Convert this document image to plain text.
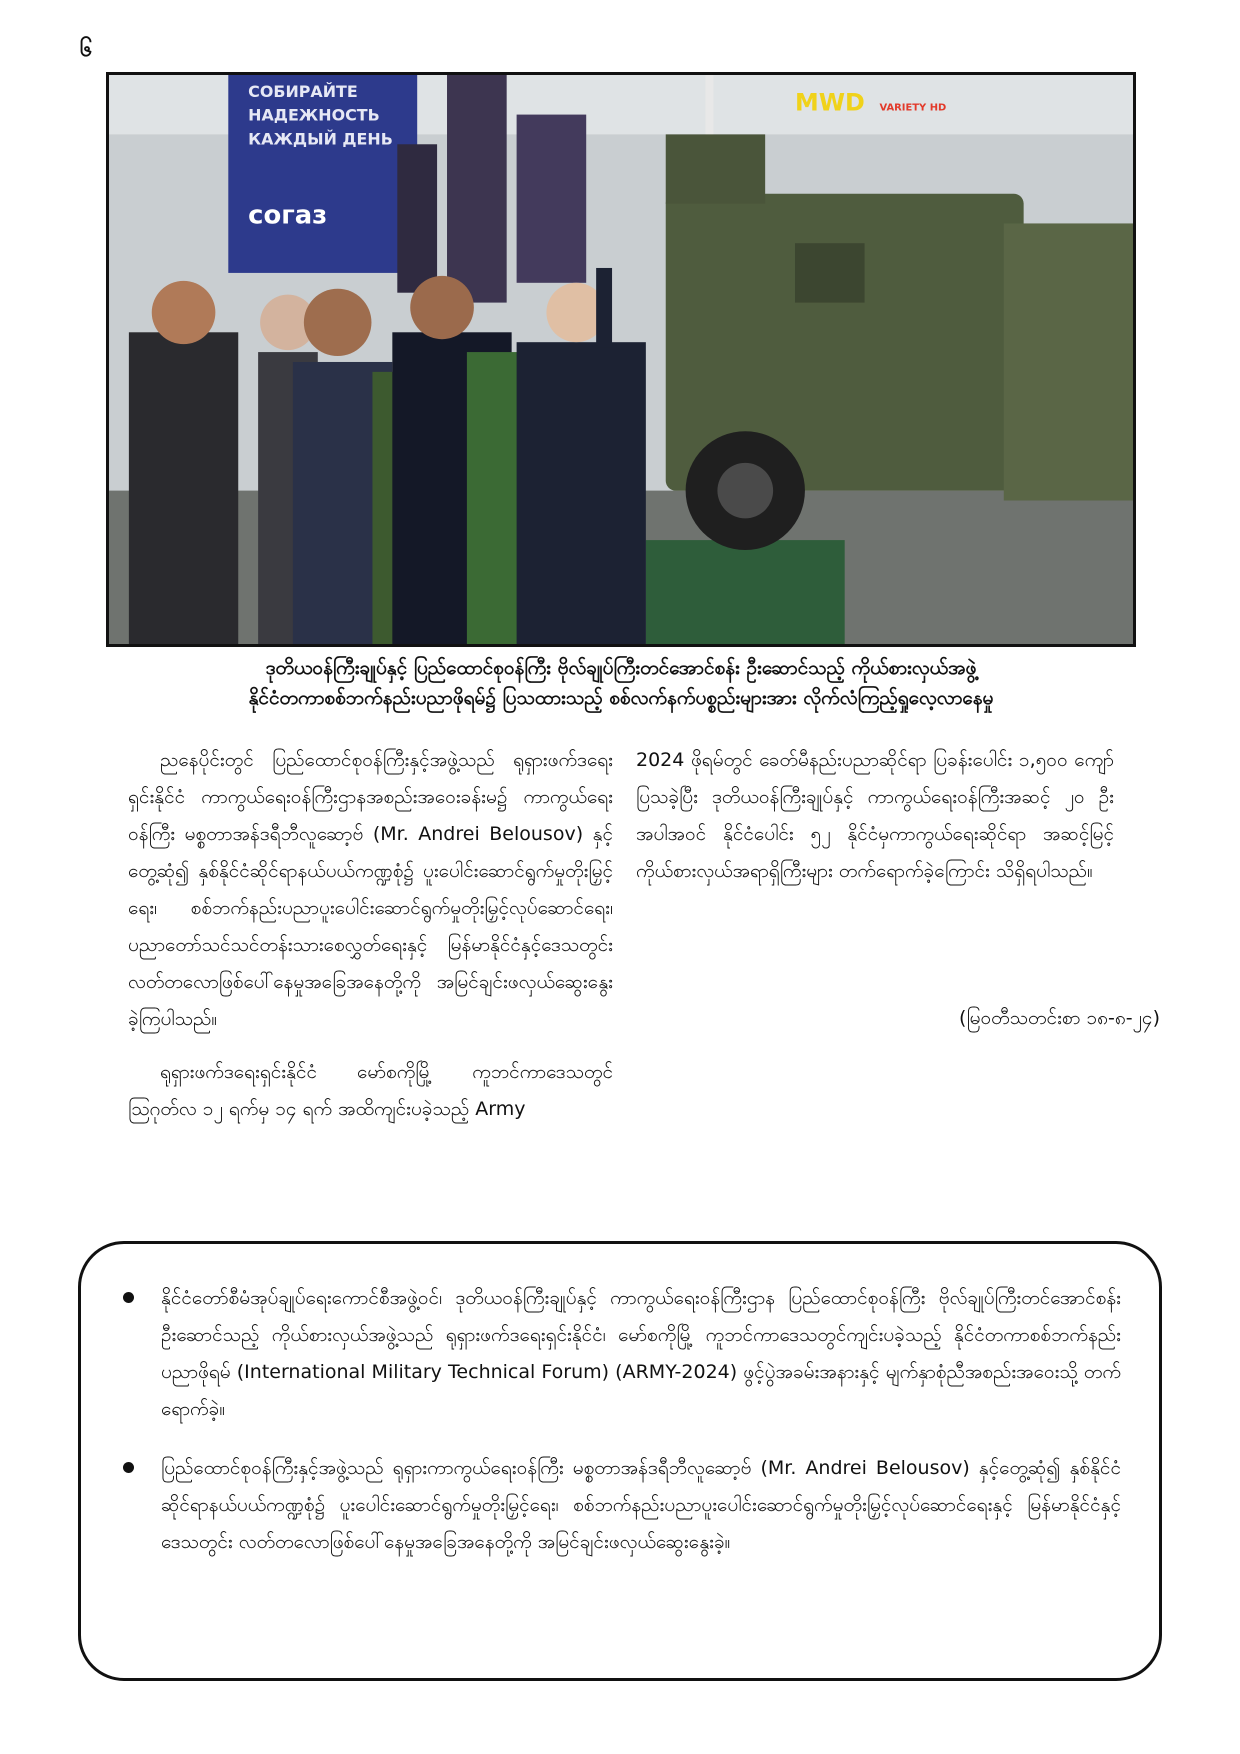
၆
СОБИРАЙТЕ
НАДЕЖНОСТЬ
КАЖДЫЙ ДЕНЬ
согаз
MWD VARIETY HD
ဒုတိယဝန်ကြီးချုပ်နှင့် ပြည်ထောင်စုဝန်ကြီး ဗိုလ်ချုပ်ကြီးတင်အောင်စန်း ဦးဆောင်သည့် ကိုယ်စားလှယ်အဖွဲ့
နိုင်ငံတကာစစ်ဘက်နည်းပညာဖိုရမ်၌ ပြသထားသည့် စစ်လက်နက်ပစ္စည်းများအား လိုက်လံကြည့်ရှုလေ့လာနေမှု

ညနေပိုင်းတွင် ပြည်ထောင်စုဝန်ကြီးနှင့်အဖွဲ့သည် ရုရှားဖက်ဒရေးရှင်းနိုင်ငံ ကာကွယ်ရေးဝန်ကြီးဌာနအစည်းအဝေးခန်းမ၌ ကာကွယ်ရေးဝန်ကြီး မစ္စတာအန်ဒရီဘီလူဆော့ဗ် (Mr. Andrei Belousov) နှင့်တွေ့ဆုံ၍ နှစ်နိုင်ငံဆိုင်ရာနယ်ပယ်ကဏ္ဍစုံ၌ ပူးပေါင်းဆောင်ရွက်မှုတိုးမြှင့်ရေး၊ စစ်ဘက်နည်းပညာပူးပေါင်းဆောင်ရွက်မှုတိုးမြှင့်လုပ်ဆောင်ရေး၊ ပညာတော်သင်သင်တန်းသားစေလွှတ်ရေးနှင့် မြန်မာနိုင်ငံနှင့်ဒေသတွင်း လတ်တလောဖြစ်ပေါ်နေမှုအခြေအနေတို့ကို အမြင်ချင်းဖလှယ်ဆွေးနွေးခဲ့ကြပါသည်။

ရုရှားဖက်ဒရေးရှင်းနိုင်ငံ မော်စကိုမြို့ ကူဘင်ကာဒေသတွင် ဩဂုတ်လ ၁၂ ရက်မှ ၁၄ ရက် အထိကျင်းပခဲ့သည့် Army

2024 ဖိုရမ်တွင် ခေတ်မီနည်းပညာဆိုင်ရာ ပြခန်းပေါင်း ၁,၅၀၀ ကျော်ပြသခဲ့ပြီး ဒုတိယဝန်ကြီးချုပ်နှင့် ကာကွယ်ရေးဝန်ကြီးအဆင့် ၂၀ ဦးအပါအဝင် နိုင်ငံပေါင်း ၅၂ နိုင်ငံမှကာကွယ်ရေးဆိုင်ရာ အဆင့်မြင့်ကိုယ်စားလှယ်အရာရှိကြီးများ တက်ရောက်ခဲ့ကြောင်း သိရှိရပါသည်။

(မြဝတီသတင်းစာ ၁၈-၈-၂၄)
နိုင်ငံတော်စီမံအုပ်ချုပ်ရေးကောင်စီအဖွဲ့ဝင်၊ ဒုတိယဝန်ကြီးချုပ်နှင့် ကာကွယ်ရေးဝန်ကြီးဌာန ပြည်ထောင်စုဝန်ကြီး ဗိုလ်ချုပ်ကြီးတင်အောင်စန်းဦးဆောင်သည့် ကိုယ်စားလှယ်အဖွဲ့သည် ရုရှားဖက်ဒရေးရှင်းနိုင်ငံ၊ မော်စကိုမြို့ ကူဘင်ကာဒေသတွင်ကျင်းပခဲ့သည့် နိုင်ငံတကာစစ်ဘက်နည်းပညာဖိုရမ် (International Military Technical Forum) (ARMY-2024) ဖွင့်ပွဲအခမ်းအနားနှင့် မျက်နှာစုံညီအစည်းအဝေးသို့ တက်ရောက်ခဲ့။
ပြည်ထောင်စုဝန်ကြီးနှင့်အဖွဲ့သည် ရုရှားကာကွယ်ရေးဝန်ကြီး မစ္စတာအန်ဒရီဘီလူဆော့ဗ် (Mr. Andrei Belousov) နှင့်တွေ့ဆုံ၍ နှစ်နိုင်ငံဆိုင်ရာနယ်ပယ်ကဏ္ဍစုံ၌ ပူးပေါင်းဆောင်ရွက်မှုတိုးမြှင့်ရေး၊ စစ်ဘက်နည်းပညာပူးပေါင်းဆောင်ရွက်မှုတိုးမြှင့်လုပ်ဆောင်ရေးနှင့် မြန်မာနိုင်ငံနှင့် ဒေသတွင်း လတ်တလောဖြစ်ပေါ်နေမှုအခြေအနေတို့ကို အမြင်ချင်းဖလှယ်ဆွေးနွေးခဲ့။
